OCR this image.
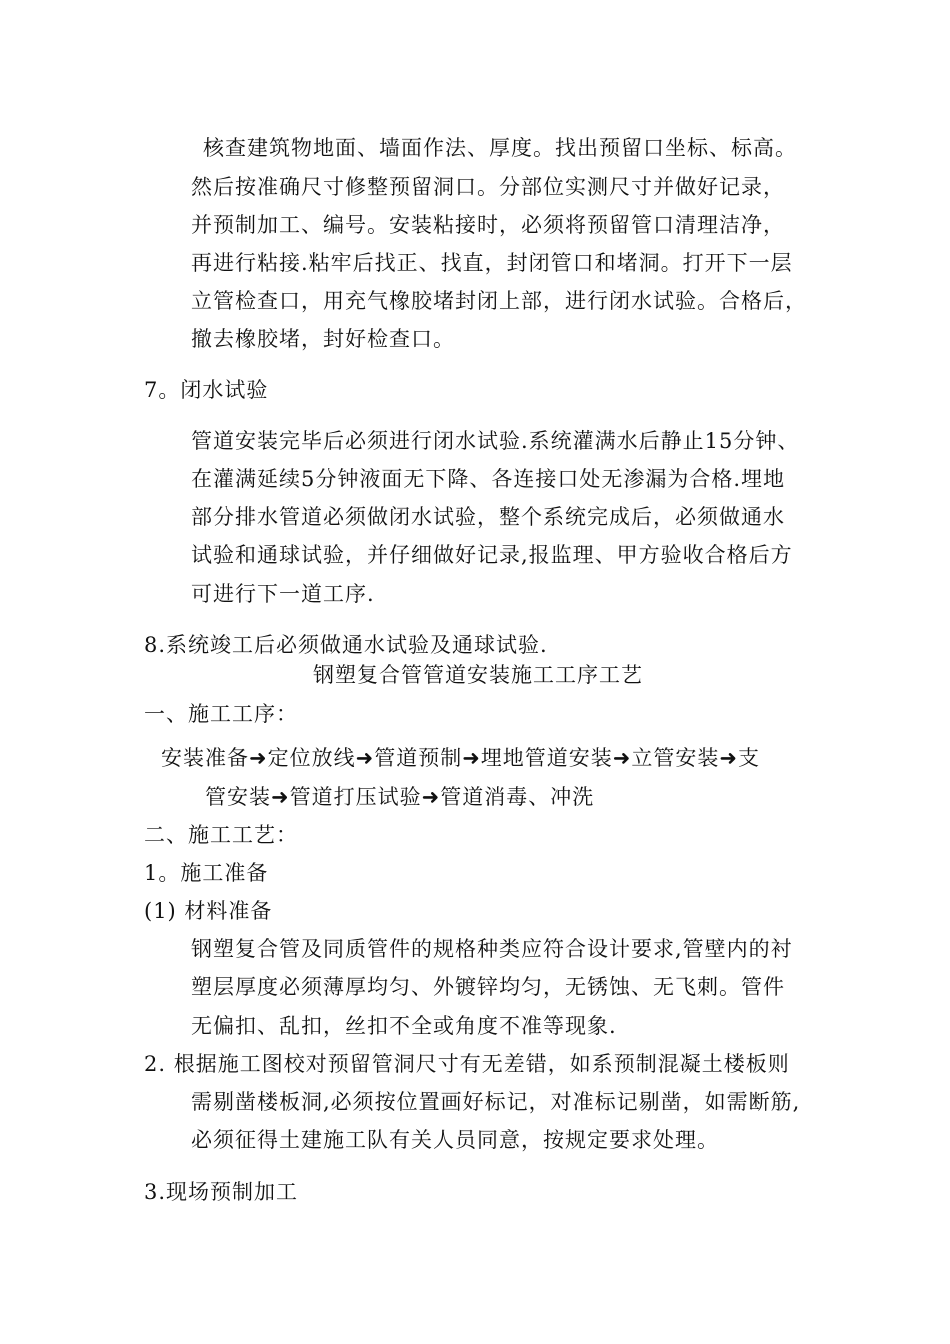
核查建筑物地面、墙面作法、厚度。找出预留口坐标、标高。
然后按准确尺寸修整预留洞口。分部位实测尺寸并做好记录，
并预制加工、编号。安装粘接时，必须将预留管口清理洁净，
再进行粘接.粘牢后找正、找直，封闭管口和堵洞。打开下一层
立管检查口，用充气橡胶堵封闭上部，进行闭水试验。合格后，
撤去橡胶堵，封好检查口。
7。闭水试验
管道安装完毕后必须进行闭水试验.系统灌满水后静止15分钟、
在灌满延续5分钟液面无下降、各连接口处无渗漏为合格.埋地
部分排水管道必须做闭水试验，整个系统完成后，必须做通水
试验和通球试验，并仔细做好记录,报监理、甲方验收合格后方
可进行下一道工序.
8.系统竣工后必须做通水试验及通球试验.
钢塑复合管管道安装施工工序工艺
一、施工工序：
安装准备➜定位放线➜管道预制➜埋地管道安装➜立管安装➜支
管安装➜管道打压试验➜管道消毒、冲洗
二、施工工艺：
1。施工准备
(1) 材料准备
钢塑复合管及同质管件的规格种类应符合设计要求,管壁内的衬
塑层厚度必须薄厚均匀、外镀锌均匀，无锈蚀、无飞刺。管件
无偏扣、乱扣，丝扣不全或角度不准等现象.
2. 根据施工图校对预留管洞尺寸有无差错，如系预制混凝土楼板则
需剔凿楼板洞,必须按位置画好标记，对准标记剔凿，如需断筋,
必须征得土建施工队有关人员同意，按规定要求处理。
3.现场预制加工
